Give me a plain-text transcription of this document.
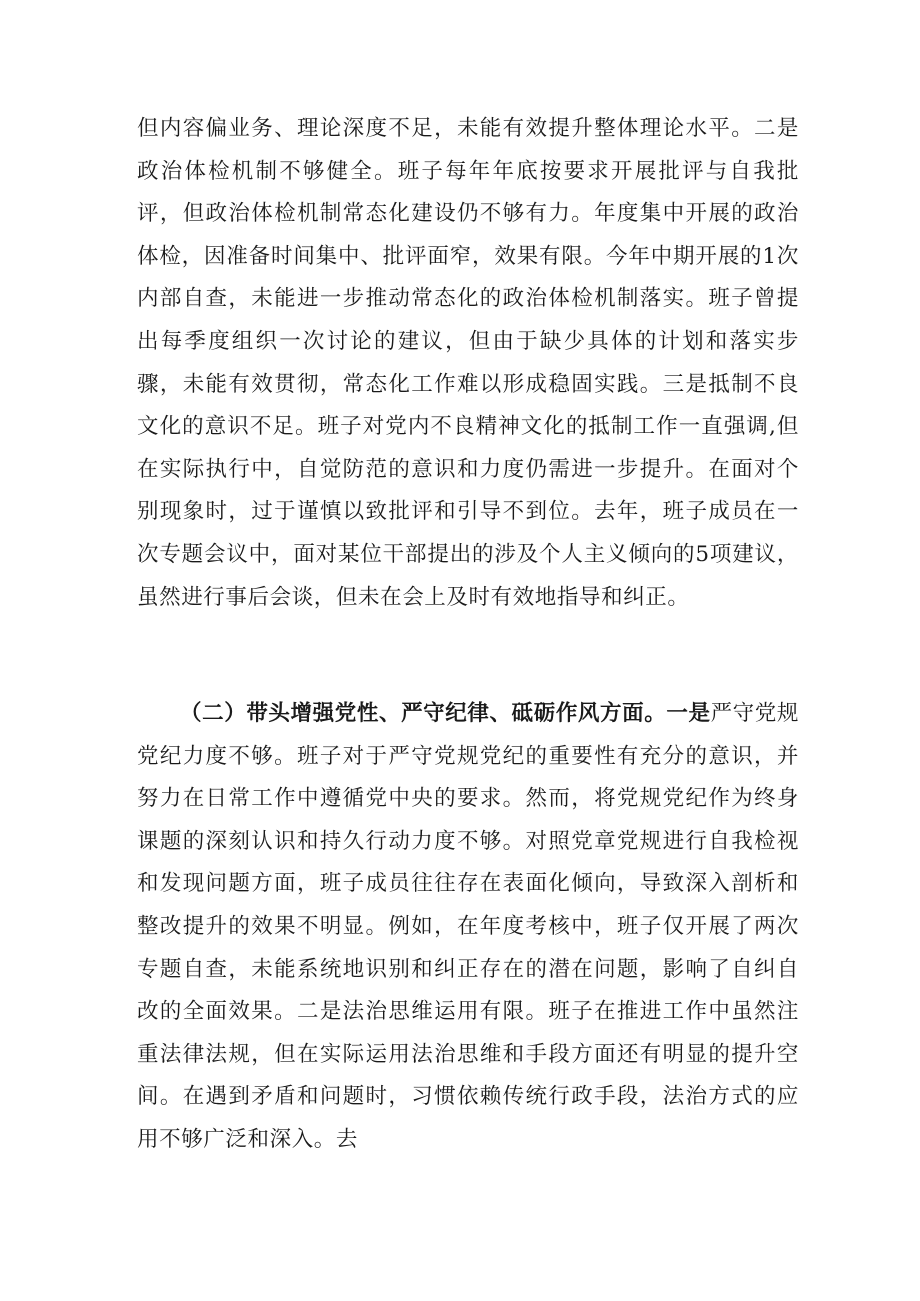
但内容偏业务、理论深度不足，未能有效提升整体理论水平。二是政治体检机制不够健全。班子每年年底按要求开展批评与自我批评，但政治体检机制常态化建设仍不够有力。年度集中开展的政治体检，因准备时间集中、批评面窄，效果有限。今年中期开展的1次内部自查，未能进一步推动常态化的政治体检机制落实。班子曾提出每季度组织一次讨论的建议，但由于缺少具体的计划和落实步骤，未能有效贯彻，常态化工作难以形成稳固实践。三是抵制不良文化的意识不足。班子对党内不良精神文化的抵制工作一直强调,但在实际执行中，自觉防范的意识和力度仍需进一步提升。在面对个别现象时，过于谨慎以致批评和引导不到位。去年，班子成员在一次专题会议中，面对某位干部提出的涉及个人主义倾向的5项建议，虽然进行事后会谈，但未在会上及时有效地指导和纠正。

（二）带头增强党性、严守纪律、砥砺作风方面。一是严守党规党纪力度不够。班子对于严守党规党纪的重要性有充分的意识，并努力在日常工作中遵循党中央的要求。然而，将党规党纪作为终身课题的深刻认识和持久行动力度不够。对照党章党规进行自我检视和发现问题方面，班子成员往往存在表面化倾向，导致深入剖析和整改提升的效果不明显。例如，在年度考核中，班子仅开展了两次专题自查，未能系统地识别和纠正存在的潜在问题，影响了自纠自改的全面效果。二是法治思维运用有限。班子在推进工作中虽然注重法律法规，但在实际运用法治思维和手段方面还有明显的提升空间。在遇到矛盾和问题时，习惯依赖传统行政手段，法治方式的应用不够广泛和深入。去
